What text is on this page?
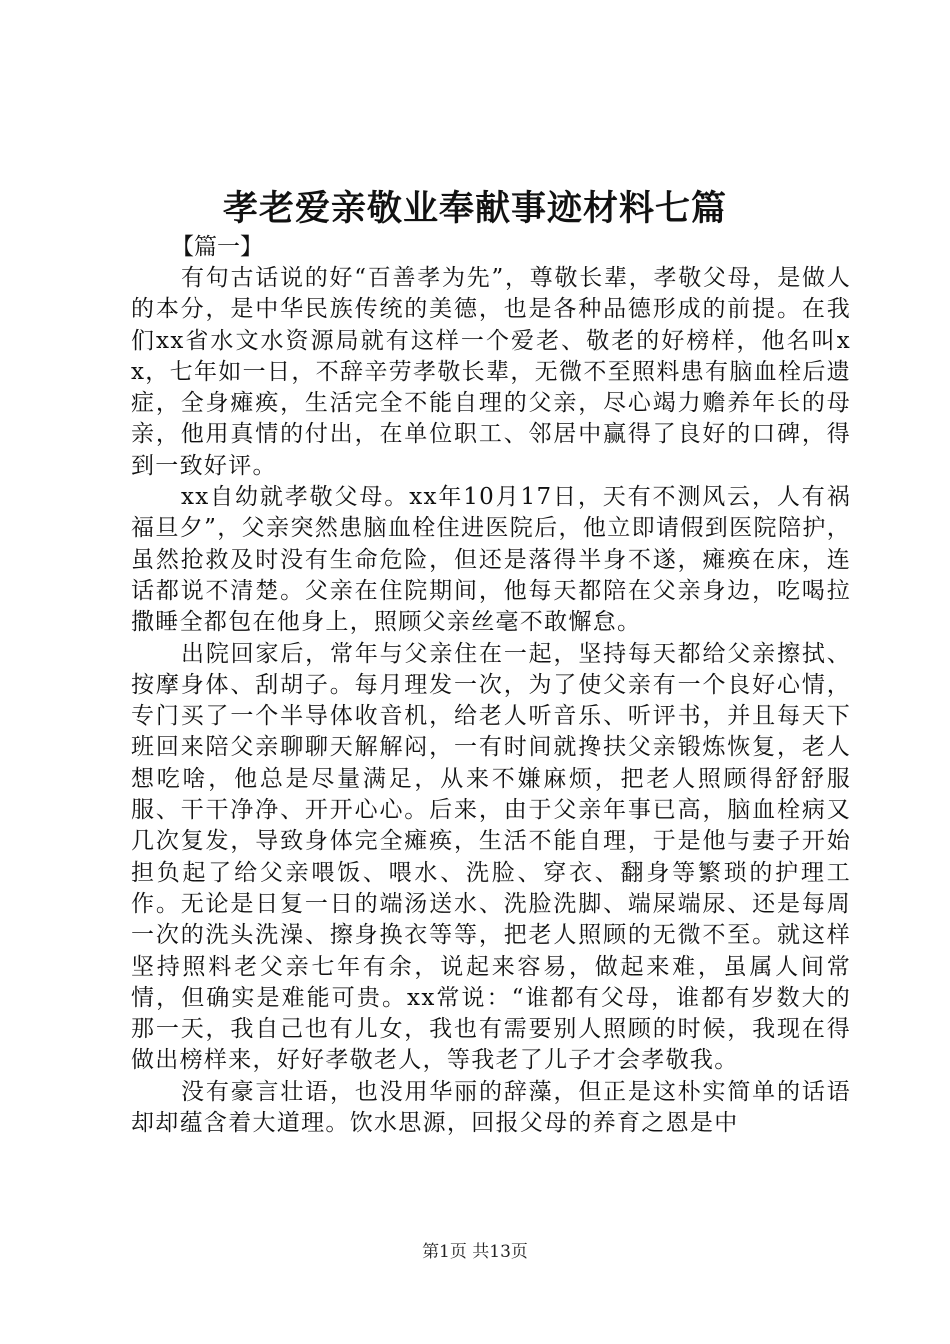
孝老爱亲敬业奉献事迹材料七篇
【篇一】

有句古话说的好“百善孝为先”，尊敬长辈，孝敬父母，是做人的本分，是中华民族传统的美德，也是各种品德形成的前提。在我们xx省水文水资源局就有这样一个爱老、敬老的好榜样，他名叫xx，七年如一日，不辞辛劳孝敬长辈，无微不至照料患有脑血栓后遗症，全身瘫痪，生活完全不能自理的父亲，尽心竭力赡养年长的母亲，他用真情的付出，在单位职工、邻居中赢得了良好的口碑，得到一致好评。

xx自幼就孝敬父母。xx年10月17日，天有不测风云，人有祸福旦夕”，父亲突然患脑血栓住进医院后，他立即请假到医院陪护，虽然抢救及时没有生命危险，但还是落得半身不遂，瘫痪在床，连话都说不清楚。父亲在住院期间，他每天都陪在父亲身边，吃喝拉撒睡全都包在他身上，照顾父亲丝毫不敢懈怠。

出院回家后，常年与父亲住在一起，坚持每天都给父亲擦拭、按摩身体、刮胡子。每月理发一次，为了使父亲有一个良好心情，专门买了一个半导体收音机，给老人听音乐、听评书，并且每天下班回来陪父亲聊聊天解解闷，一有时间就搀扶父亲锻炼恢复，老人想吃啥，他总是尽量满足，从来不嫌麻烦，把老人照顾得舒舒服服、干干净净、开开心心。后来，由于父亲年事已高，脑血栓病又几次复发，导致身体完全瘫痪，生活不能自理，于是他与妻子开始担负起了给父亲喂饭、喂水、洗脸、穿衣、翻身等繁琐的护理工作。无论是日复一日的端汤送水、洗脸洗脚、端屎端尿、还是每周一次的洗头洗澡、擦身换衣等等，把老人照顾的无微不至。就这样坚持照料老父亲七年有余，说起来容易，做起来难，虽属人间常情，但确实是难能可贵。xx常说：“谁都有父母，谁都有岁数大的那一天，我自己也有儿女，我也有需要别人照顾的时候，我现在得做出榜样来，好好孝敬老人，等我老了儿子才会孝敬我。

没有豪言壮语，也没用华丽的辞藻，但正是这朴实简单的话语却却蕴含着大道理。饮水思源，回报父母的养育之恩是中

第1页 共13页
